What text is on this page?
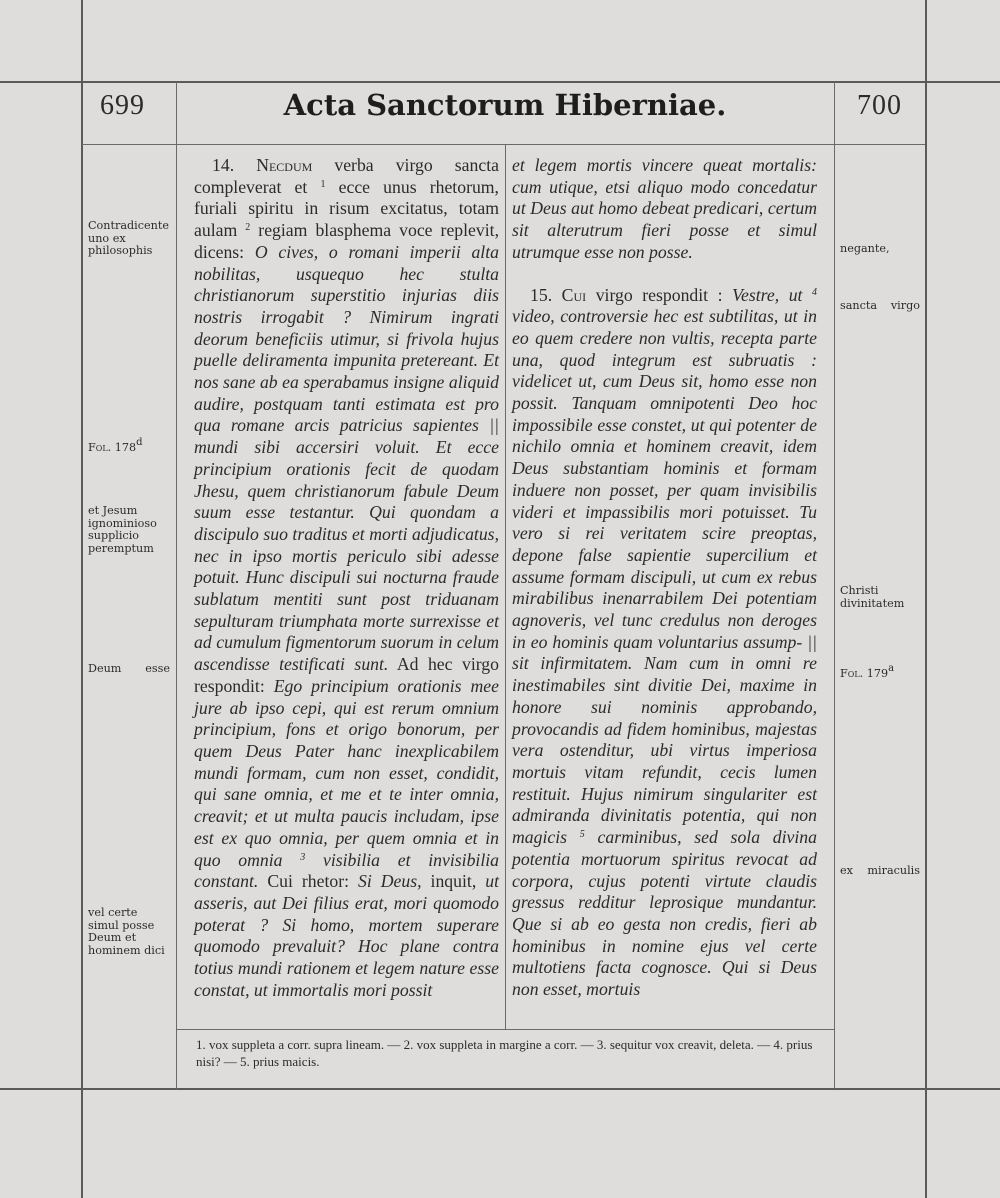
699	Acta Sanctorum Hiberniae.	700
Contradicente uno ex philosophis
Fol. 178$^d$
et Jesum ignominioso supplicio peremptum
Deum esse
vel certe simul posse Deum et hominem dici
negante,
sancta virgo
Christi divinitatem
Fol. 179$^a$
ex miraculis

14. Necdum verba virgo sancta compleverat et $^1$ ecce unus rhetorum, furiali spiritu in risum excitatus, totam aulam $^2$ regiam blasphema voce replevit, dicens: O cives, o romani imperii alta nobilitas, usquequo hec stulta christianorum superstitio injurias diis nostris irrogabit ? Nimirum ingrati deorum beneficiis utimur, si frivola hujus puelle deliramenta impunita pretereant. Et nos sane ab ea sperabamus insigne aliquid audire, postquam tanti estimata est pro qua romane arcis patricius sapientes || mundi sibi accersiri voluit. Et ecce principium orationis fecit de quodam Jhesu, quem christianorum fabule Deum suum esse testantur. Qui quondam a discipulo suo traditus et morti adjudicatus, nec in ipso mortis periculo sibi adesse potuit. Hunc discipuli sui nocturna fraude sublatum mentiti sunt post triduanam sepulturam triumphata morte surrexisse et ad cumulum figmentorum suorum in celum ascendisse testificati sunt. Ad hec virgo respondit: Ego principium orationis mee jure ab ipso cepi, qui est rerum omnium principium, fons et origo bonorum, per quem Deus Pater hanc inexplicabilem mundi formam, cum non esset, condidit, qui sane omnia, et me et te inter omnia, creavit; et ut multa paucis includam, ipse est ex quo omnia, per quem omnia et in quo omnia $^3$ visibilia et invisibilia constant. Cui rhetor: Si Deus, inquit, ut asseris, aut Dei filius erat, mori quomodo poterat ? Si homo, mortem superare quomodo prevaluit? Hoc plane contra totius mundi rationem et legem nature esse constat, ut immortalis mori possit

et legem mortis vincere queat mortalis: cum utique, etsi aliquo modo concedatur ut Deus aut homo debeat predicari, certum sit alterutrum fieri posse et simul utrumque esse non posse.

15. Cui virgo respondit : Vestre, ut $^4$ video, controversie hec est subtilitas, ut in eo quem credere non vultis, recepta parte una, quod integrum est subruatis : videlicet ut, cum Deus sit, homo esse non possit. Tanquam omnipotenti Deo hoc impossibile esse constet, ut qui potenter de nichilo omnia et hominem creavit, idem Deus substantiam hominis et formam induere non posset, per quam invisibilis videri et impassibilis mori potuisset. Tu vero si rei veritatem scire preoptas, depone false sapientie supercilium et assume formam discipuli, ut cum ex rebus mirabilibus inenarrabilem Dei potentiam agnoveris, vel tunc credulus non deroges in eo hominis quam voluntarius assump- || sit infirmitatem. Nam cum in omni re inestimabiles sint divitie Dei, maxime in honore sui nominis approbando, provocandis ad fidem hominibus, majestas vera ostenditur, ubi virtus imperiosa mortuis vitam refundit, cecis lumen restituit. Hujus nimirum singulariter est admiranda divinitatis potentia, qui non magicis $^5$ carminibus, sed sola divina potentia mortuorum spiritus revocat ad corpora, cujus potenti virtute claudis gressus redditur leprosique mundantur. Que si ab eo gesta non credis, fieri ab hominibus in nomine ejus vel certe multotiens facta cognosce. Qui si Deus non esset, mortuis

1. vox suppleta a corr. supra lineam. — 2. vox suppleta in margine a corr. — 3. sequitur vox creavit, deleta. — 4. prius nisi? — 5. prius maicis.
